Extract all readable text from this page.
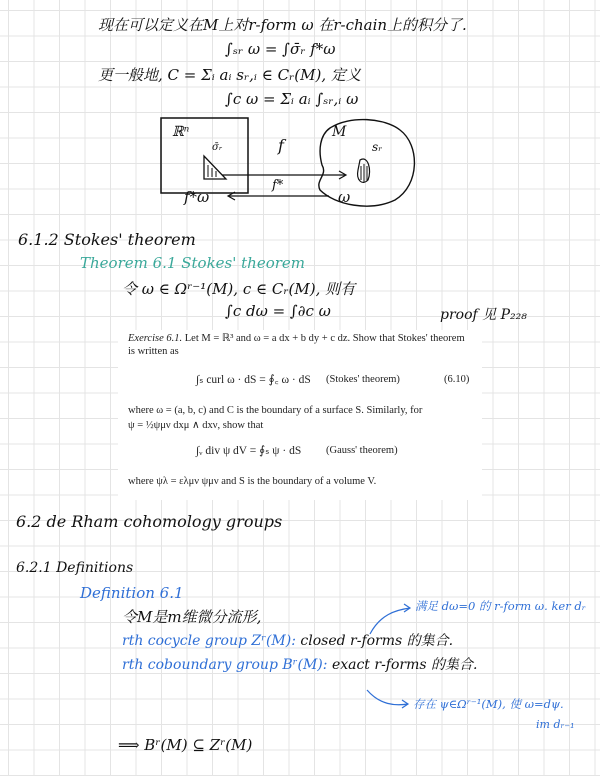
现在可以定义在M上对r-form ω 在r-chain上的积分了.
∫ₛᵣ ω = ∫σ̄ᵣ f*ω
更一般地, C = Σᵢ aᵢ sᵣ,ᵢ ∈ Cᵣ(M), 定义
∫c ω = Σᵢ aᵢ ∫ₛᵣ,ᵢ ω
ℝⁿ
σ̄ᵣ	f
M
sᵣ
f*
f*ω	ω
6.1.2 Stokes' theorem
Theorem 6.1 Stokes' theorem
令 ω ∈ Ωʳ⁻¹(M), c ∈ Cᵣ(M), 则有
∫c dω = ∫∂c ω	proof 见 P₂₂₈
Exercise 6.1. Let M = ℝ³ and ω = a dx + b dy + c dz. Show that Stokes' theorem
is written as
∫ₛ curl ω · dS = ∮꜀ ω · dS (Stokes' theorem)	(6.10)
where ω = (a, b, c) and C is the boundary of a surface S. Similarly, for
ψ = ½ψμν dxμ ∧ dxν, show that
∫ᵥ div ψ dV = ∮ₛ ψ · dS (Gauss' theorem)
where ψλ = ελμν ψμν and S is the boundary of a volume V.
6.2 de Rham cohomology groups
6.2.1 Definitions
Definition 6.1
令M是m维微分流形,
rth cocycle group Zʳ(M): closed r-forms 的集合.
rth coboundary group Bʳ(M): exact r-forms 的集合.
满足 dω=0 的 r-form ω. ker dᵣ
存在 ψ∈Ωʳ⁻¹(M), 使 ω=dψ.
im dᵣ₋₁
⟹ Bʳ(M) ⊆ Zʳ(M)
